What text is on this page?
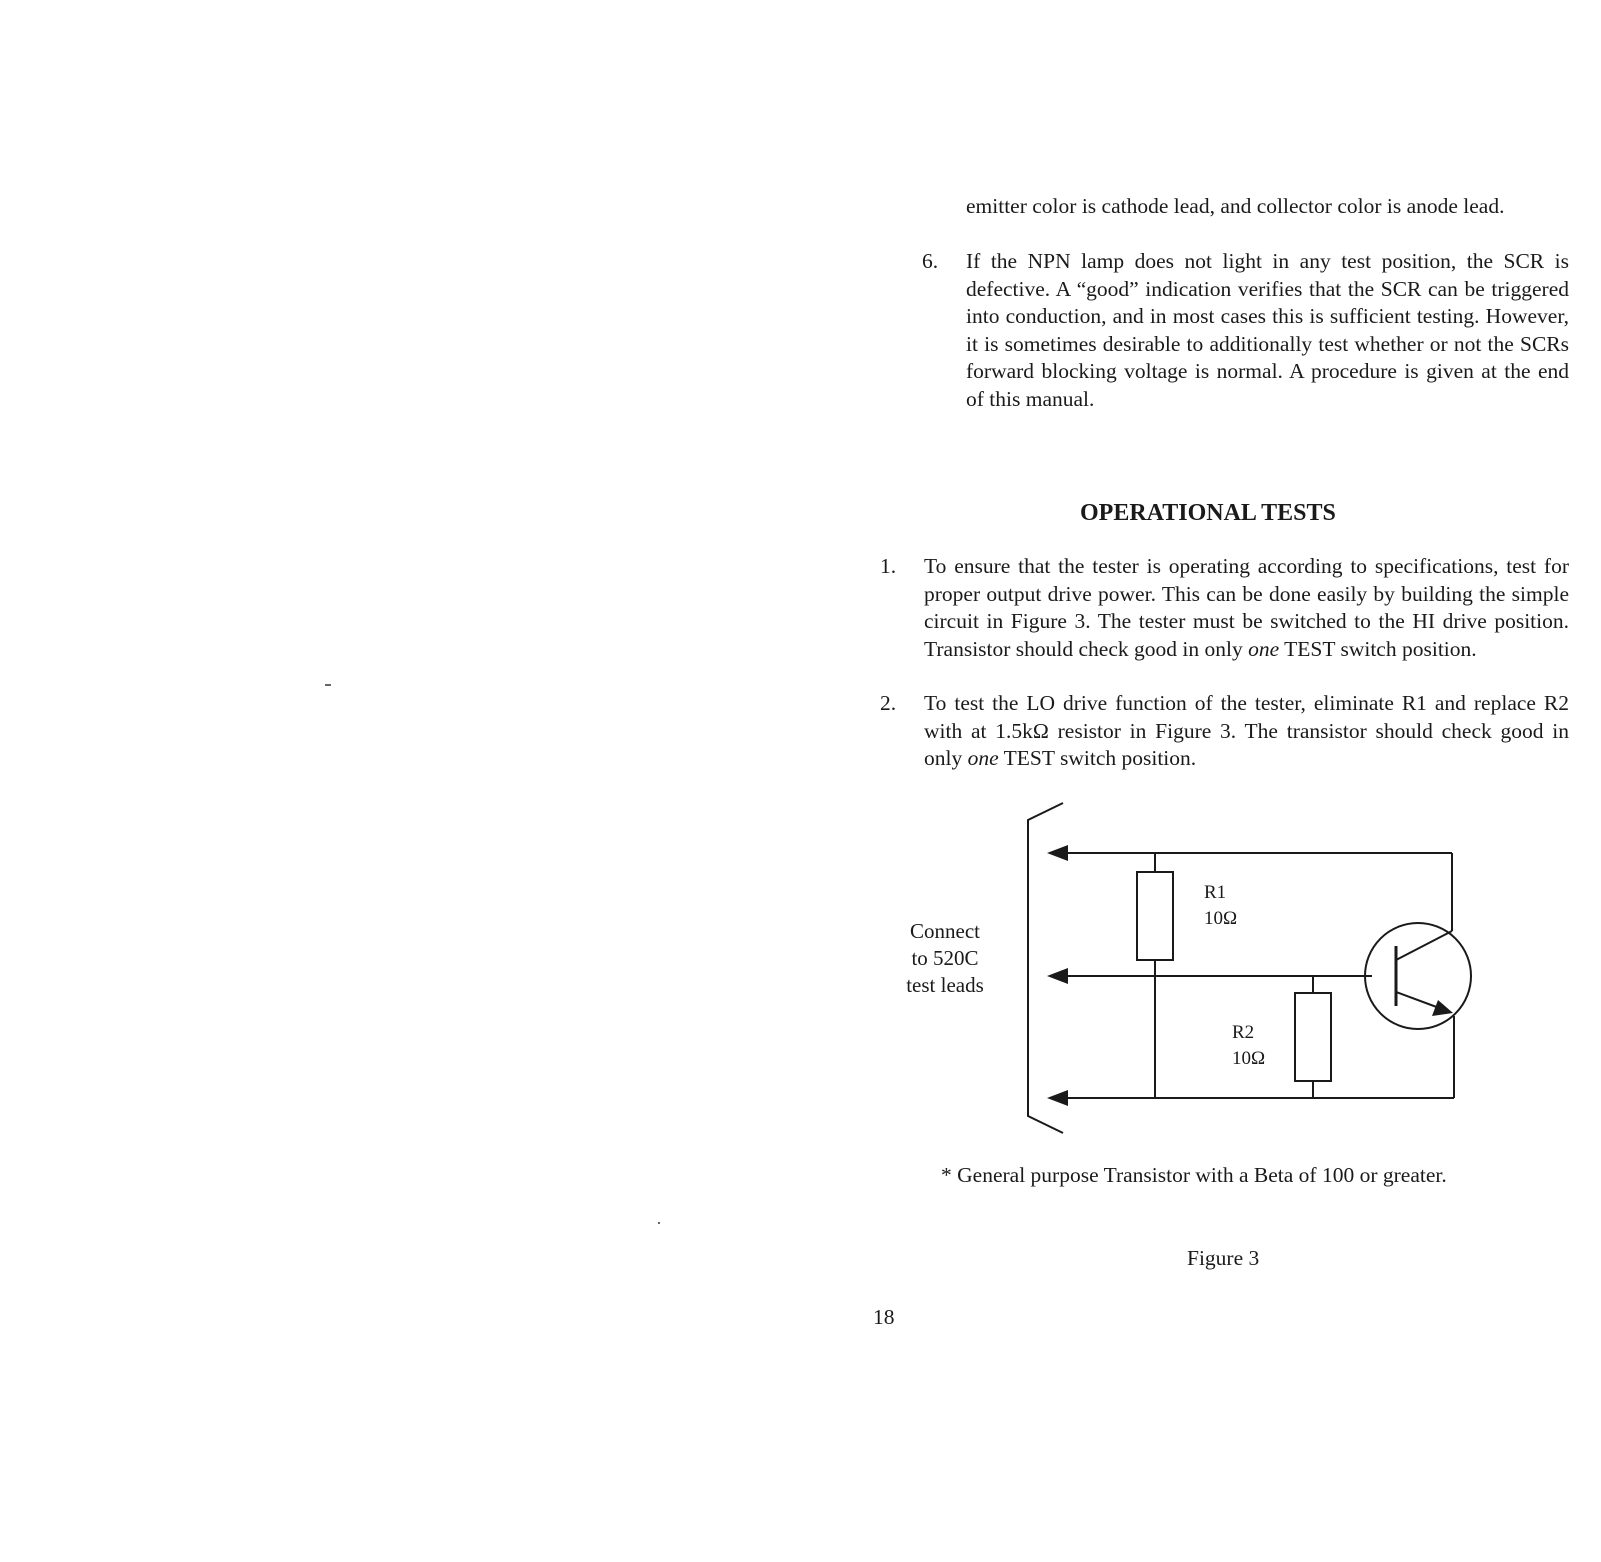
emitter color is cathode lead, and collector color is anode lead.

6. If the NPN lamp does not light in any test position, the SCR is defective. A “good” indication verifies that the SCR can be triggered into conduction, and in most cases this is sufficient testing. However, it is sometimes desirable to additionally test whether or not the SCRs forward blocking voltage is normal. A procedure is given at the end of this manual.

OPERATIONAL TESTS
1. To ensure that the tester is operating according to specifications, test for proper output drive power. This can be done easily by building the simple circuit in Figure 3. The tester must be switched to the HI drive position. Transistor should check good in only one TEST switch position.

2. To test the LO drive function of the tester, eliminate R1 and replace R2 with at 1.5kΩ resistor in Figure 3. The transistor should check good in only one TEST switch position.

Connect
to 520C
test leads
R1
10Ω
R2
10Ω
* General purpose Transistor with a Beta of 100 or greater.
Figure 3
18
